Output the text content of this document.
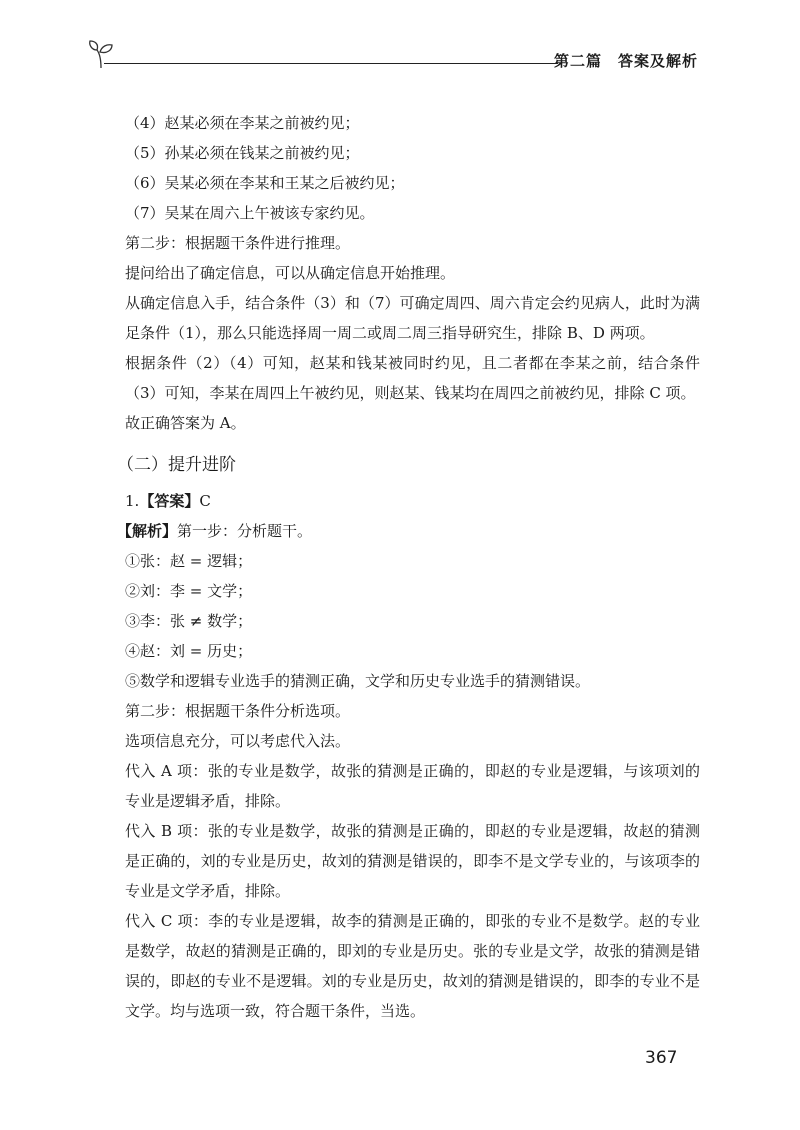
第二篇　答案及解析
（4）赵某必须在李某之前被约见；
（5）孙某必须在钱某之前被约见；
（6）吴某必须在李某和王某之后被约见；
（7）吴某在周六上午被该专家约见。
第二步：根据题干条件进行推理。
提问给出了确定信息，可以从确定信息开始推理。
从确定信息入手，结合条件（3）和（7）可确定周四、周六肯定会约见病人，此时为满足条件（1），那么只能选择周一周二或周二周三指导研究生，排除 B、D 两项。
根据条件（2）（4）可知，赵某和钱某被同时约见，且二者都在李某之前，结合条件（3）可知，李某在周四上午被约见，则赵某、钱某均在周四之前被约见，排除 C 项。
故正确答案为 A。
（二）提升进阶
1.【答案】C
【解析】第一步：分析题干。
①张：赵 = 逻辑；
②刘：李 = 文学；
③李：张 ≠ 数学；
④赵：刘 = 历史；
⑤数学和逻辑专业选手的猜测正确，文学和历史专业选手的猜测错误。
第二步：根据题干条件分析选项。
选项信息充分，可以考虑代入法。
代入 A 项：张的专业是数学，故张的猜测是正确的，即赵的专业是逻辑，与该项刘的专业是逻辑矛盾，排除。
代入 B 项：张的专业是数学，故张的猜测是正确的，即赵的专业是逻辑，故赵的猜测是正确的，刘的专业是历史，故刘的猜测是错误的，即李不是文学专业的，与该项李的专业是文学矛盾，排除。
代入 C 项：李的专业是逻辑，故李的猜测是正确的，即张的专业不是数学。赵的专业是数学，故赵的猜测是正确的，即刘的专业是历史。张的专业是文学，故张的猜测是错误的，即赵的专业不是逻辑。刘的专业是历史，故刘的猜测是错误的，即李的专业不是文学。均与选项一致，符合题干条件，当选。
367
